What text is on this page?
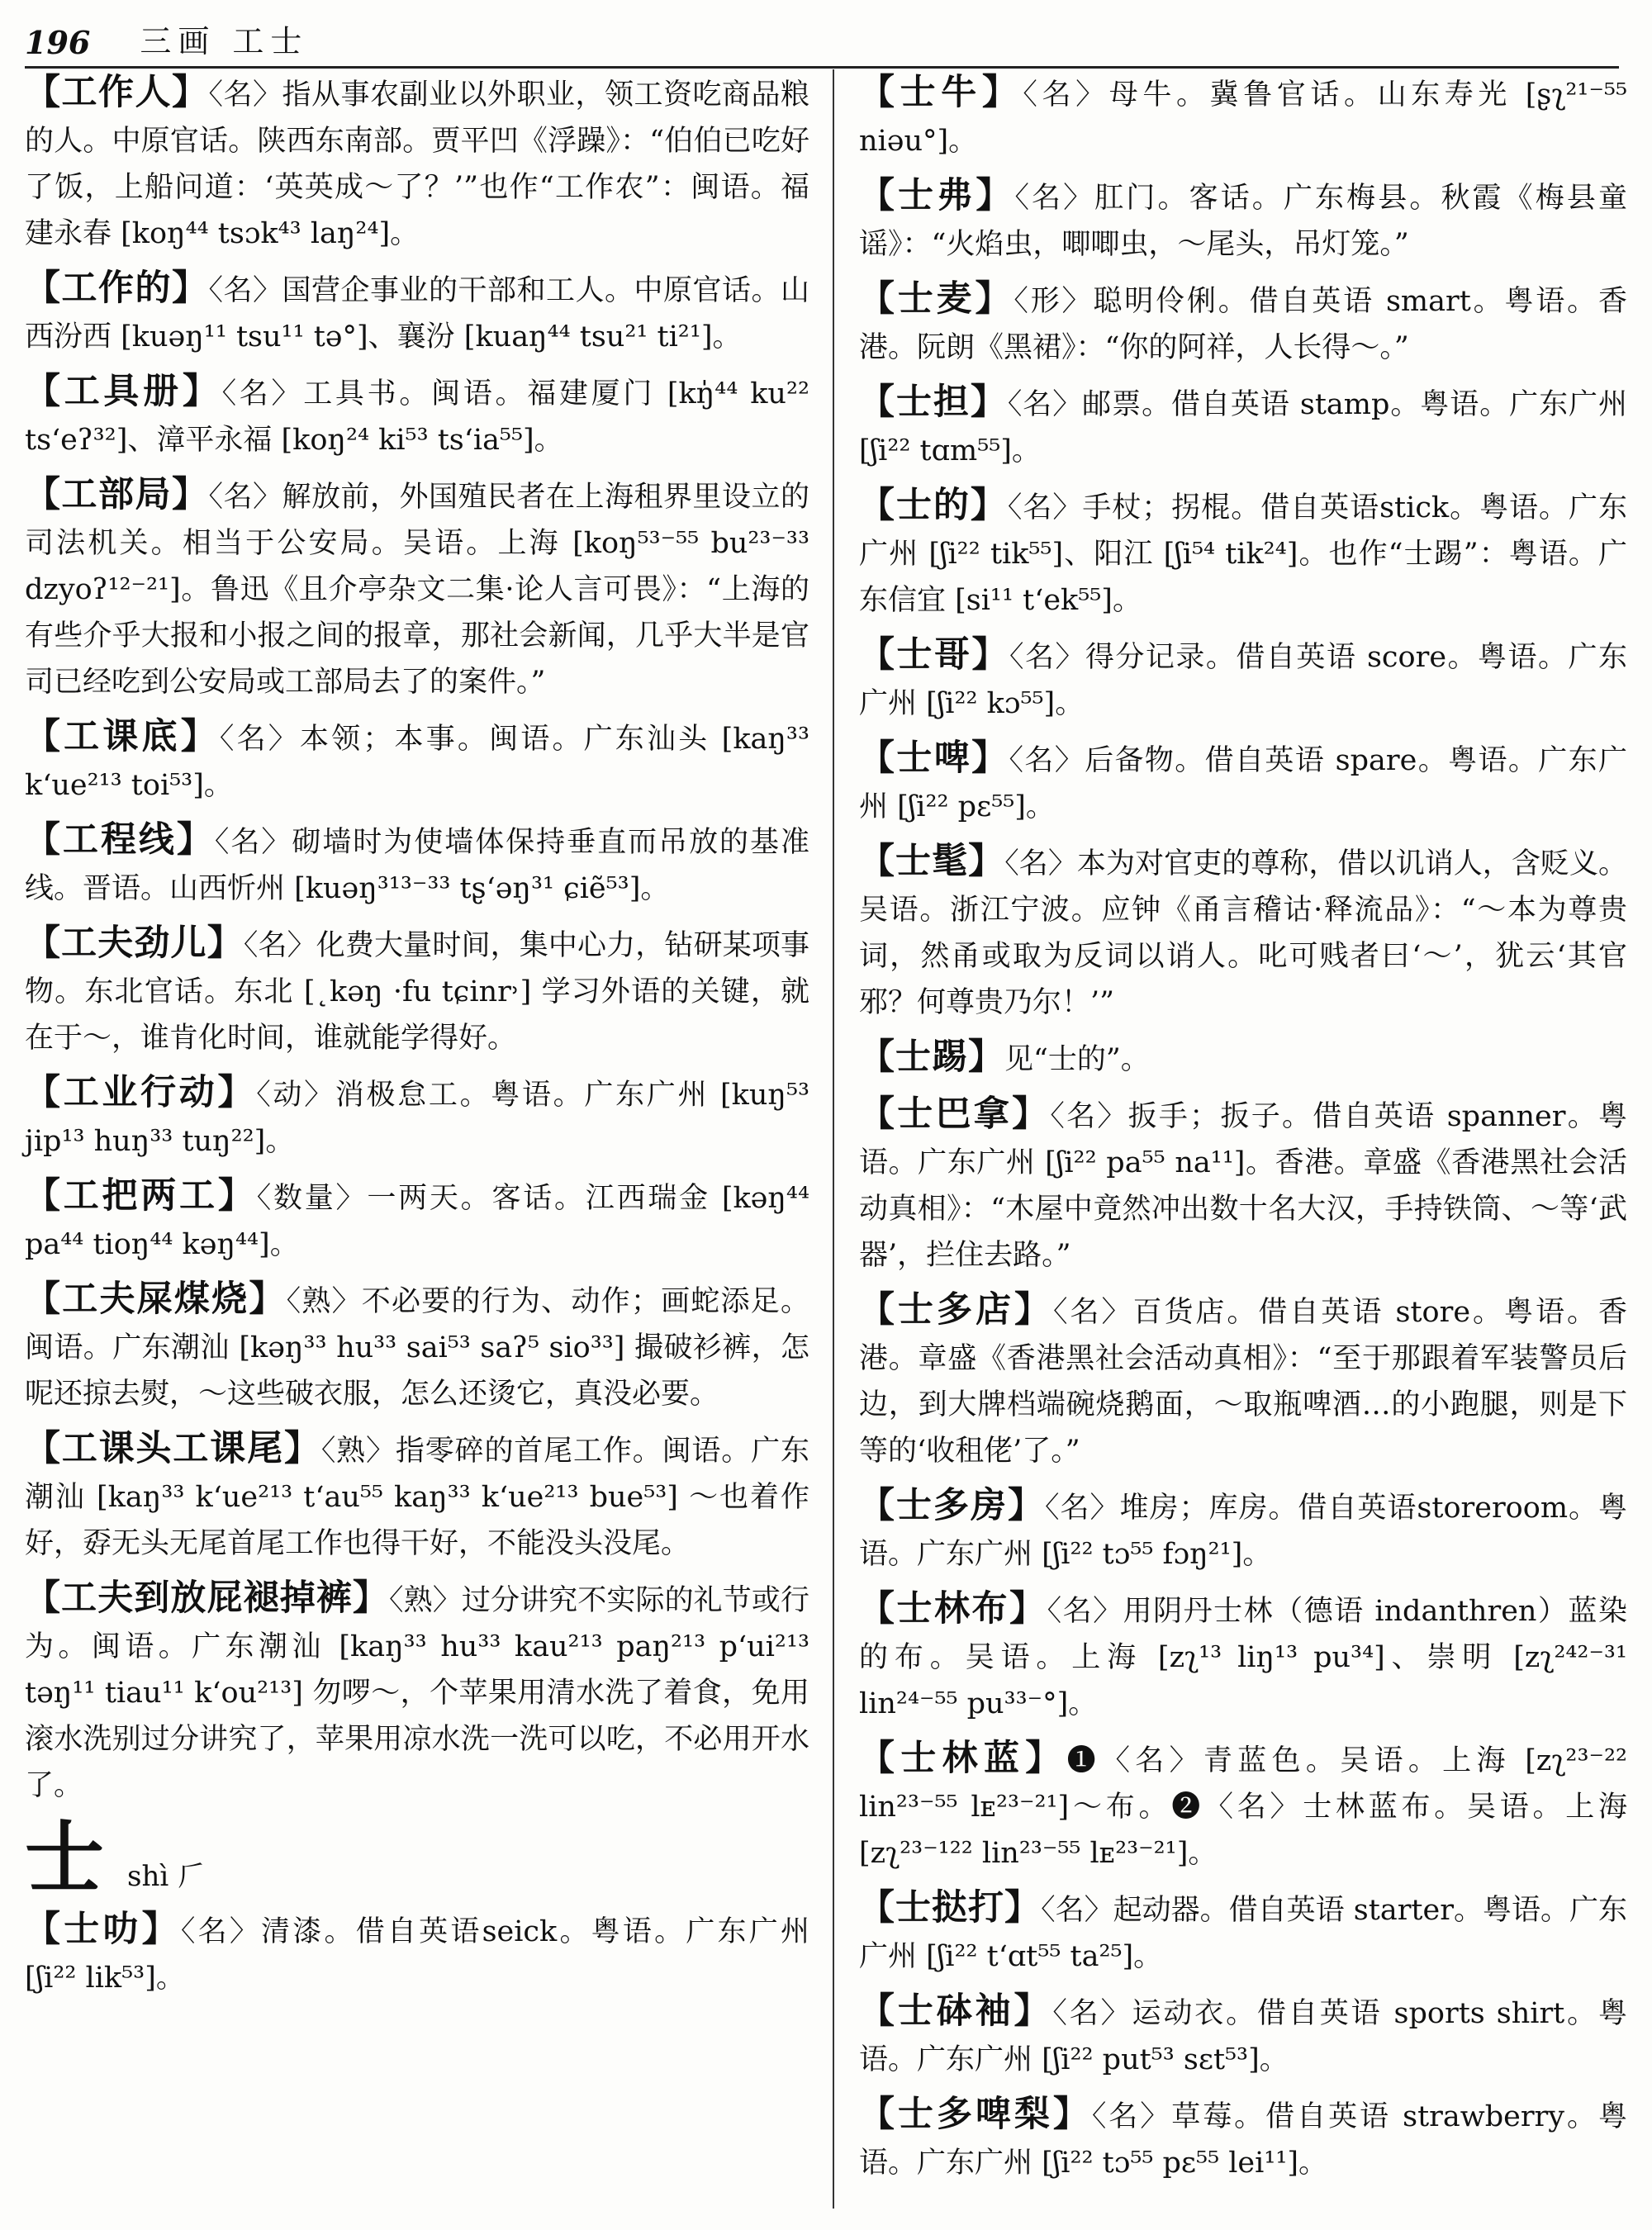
196 三画 工士
【工作人】〈名〉指从事农副业以外职业，领工资吃商品粮的人。中原官话。陕西东南部。贾平凹《浮躁》：“伯伯已吃好了饭，上船问道：‘英英成～了？’”也作“工作农”：闽语。福建永春 [koŋ⁴⁴ tsɔk⁴³ laŋ²⁴]。
【工作的】〈名〉国营企事业的干部和工人。中原官话。山西汾西 [kuəŋ¹¹ tsu¹¹ tə°]、襄汾 [kuaŋ⁴⁴ tsu²¹ ti²¹]。
【工具册】〈名〉工具书。闽语。福建厦门 [kŋ̍⁴⁴ ku²² ts‘eʔ³²]、漳平永福 [koŋ²⁴ ki⁵³ ts‘ia⁵⁵]。
【工部局】〈名〉解放前，外国殖民者在上海租界里设立的司法机关。相当于公安局。吴语。上海 [koŋ⁵³⁻⁵⁵ bu²³⁻³³ dzyoʔ¹²⁻²¹]。鲁迅《且介亭杂文二集·论人言可畏》：“上海的有些介乎大报和小报之间的报章，那社会新闻，几乎大半是官司已经吃到公安局或工部局去了的案件。”
【工课底】〈名〉本领；本事。闽语。广东汕头 [kaŋ³³ k‘ue²¹³ toi⁵³]。
【工程线】〈名〉砌墙时为使墙体保持垂直而吊放的基准线。晋语。山西忻州 [kuəŋ³¹³⁻³³ tʂ‘əŋ³¹ ɕiẽ⁵³]。
【工夫劲儿】〈名〉化费大量时间，集中心力，钻研某项事物。东北官话。东北 [˛kəŋ ·fu tɕinr˒] 学习外语的关键，就在于～，谁肯化时间，谁就能学得好。
【工业行动】〈动〉消极怠工。粤语。广东广州 [kuŋ⁵³ jip¹³ huŋ³³ tuŋ²²]。
【工把两工】〈数量〉一两天。客话。江西瑞金 [kəŋ⁴⁴ pa⁴⁴ tioŋ⁴⁴ kəŋ⁴⁴]。
【工夫屎煤烧】〈熟〉不必要的行为、动作；画蛇添足。闽语。广东潮汕 [kəŋ³³ hu³³ sai⁵³ saʔ⁵ sio³³] 撮破衫裤，怎呢还掠去熨，～这些破衣服，怎么还烫它，真没必要。
【工课头工课尾】〈熟〉指零碎的首尾工作。闽语。广东潮汕 [kaŋ³³ k‘ue²¹³ t‘au⁵⁵ kaŋ³³ k‘ue²¹³ bue⁵³] ～也着作好，孬无头无尾首尾工作也得干好，不能没头没尾。
【工夫到放屁褪掉裤】〈熟〉过分讲究不实际的礼节或行为。闽语。广东潮汕 [kaŋ³³ hu³³ kau²¹³ paŋ²¹³ p‘ui²¹³ təŋ¹¹ tiau¹¹ k‘ou²¹³] 勿啰～，个苹果用清水洗了着食，免用滚水洗别过分讲究了，苹果用凉水洗一洗可以吃，不必用开水了。
士 shì 𠂆
【士叻】〈名〉清漆。借自英语seick。粤语。广东广州 [ʃi²² lik⁵³]。
【士牛】〈名〉母牛。冀鲁官话。山东寿光 [ʂʅ²¹⁻⁵⁵ niəu°]。
【士弗】〈名〉肛门。客话。广东梅县。秋霞《梅县童谣》：“火焰虫，唧唧虫，～尾头，吊灯笼。”
【士麦】〈形〉聪明伶俐。借自英语 smart。粤语。香港。阮朗《黑裙》：“你的阿祥，人长得～。”
【士担】〈名〉邮票。借自英语 stamp。粤语。广东广州 [ʃi²² tɑm⁵⁵]。
【士的】〈名〉手杖；拐棍。借自英语stick。粤语。广东广州 [ʃi²² tik⁵⁵]、阳江 [ʃi⁵⁴ tik²⁴]。也作“士踢”：粤语。广东信宜 [si¹¹ t‘ek⁵⁵]。
【士哥】〈名〉得分记录。借自英语 score。粤语。广东广州 [ʃi²² kɔ⁵⁵]。
【士啤】〈名〉后备物。借自英语 spare。粤语。广东广州 [ʃi²² pɛ⁵⁵]。
【士髦】〈名〉本为对官吏的尊称，借以讥诮人，含贬义。吴语。浙江宁波。应钟《甬言稽诂·释流品》：“～本为尊贵词，然甬或取为反词以诮人。叱可贱者曰‘～’，犹云‘其官邪？何尊贵乃尔！’”
【士踢】见“士的”。
【士巴拿】〈名〉扳手；扳子。借自英语 spanner。粤语。广东广州 [ʃi²² pa⁵⁵ na¹¹]。香港。章盛《香港黑社会活动真相》：“木屋中竟然冲出数十名大汉，手持铁筒、～等‘武器’，拦住去路。”
【士多店】〈名〉百货店。借自英语 store。粤语。香港。章盛《香港黑社会活动真相》：“至于那跟着军装警员后边，到大牌档端碗烧鹅面，～取瓶啤酒…的小跑腿，则是下等的‘收租佬’了。”
【士多房】〈名〉堆房；库房。借自英语storeroom。粤语。广东广州 [ʃi²² tɔ⁵⁵ fɔŋ²¹]。
【士林布】〈名〉用阴丹士林（德语 indanthren）蓝染的布。吴语。上海 [zʅ¹³ liŋ¹³ pu³⁴]、崇明 [zʅ²⁴²⁻³¹ lin²⁴⁻⁵⁵ pu³³⁻°]。
【士林蓝】❶〈名〉青蓝色。吴语。上海 [zʅ²³⁻²² lin²³⁻⁵⁵ lᴇ²³⁻²¹]～布。❷〈名〉士林蓝布。吴语。上海 [zʅ²³⁻¹²² lin²³⁻⁵⁵ lᴇ²³⁻²¹]。
【士挞打】〈名〉起动器。借自英语 starter。粤语。广东广州 [ʃi²² t‘ɑt⁵⁵ ta²⁵]。
【士砵袖】〈名〉运动衣。借自英语 sports shirt。粤语。广东广州 [ʃi²² put⁵³ sɛt⁵³]。
【士多啤梨】〈名〉草莓。借自英语 strawberry。粤语。广东广州 [ʃi²² tɔ⁵⁵ pɛ⁵⁵ lei¹¹]。
